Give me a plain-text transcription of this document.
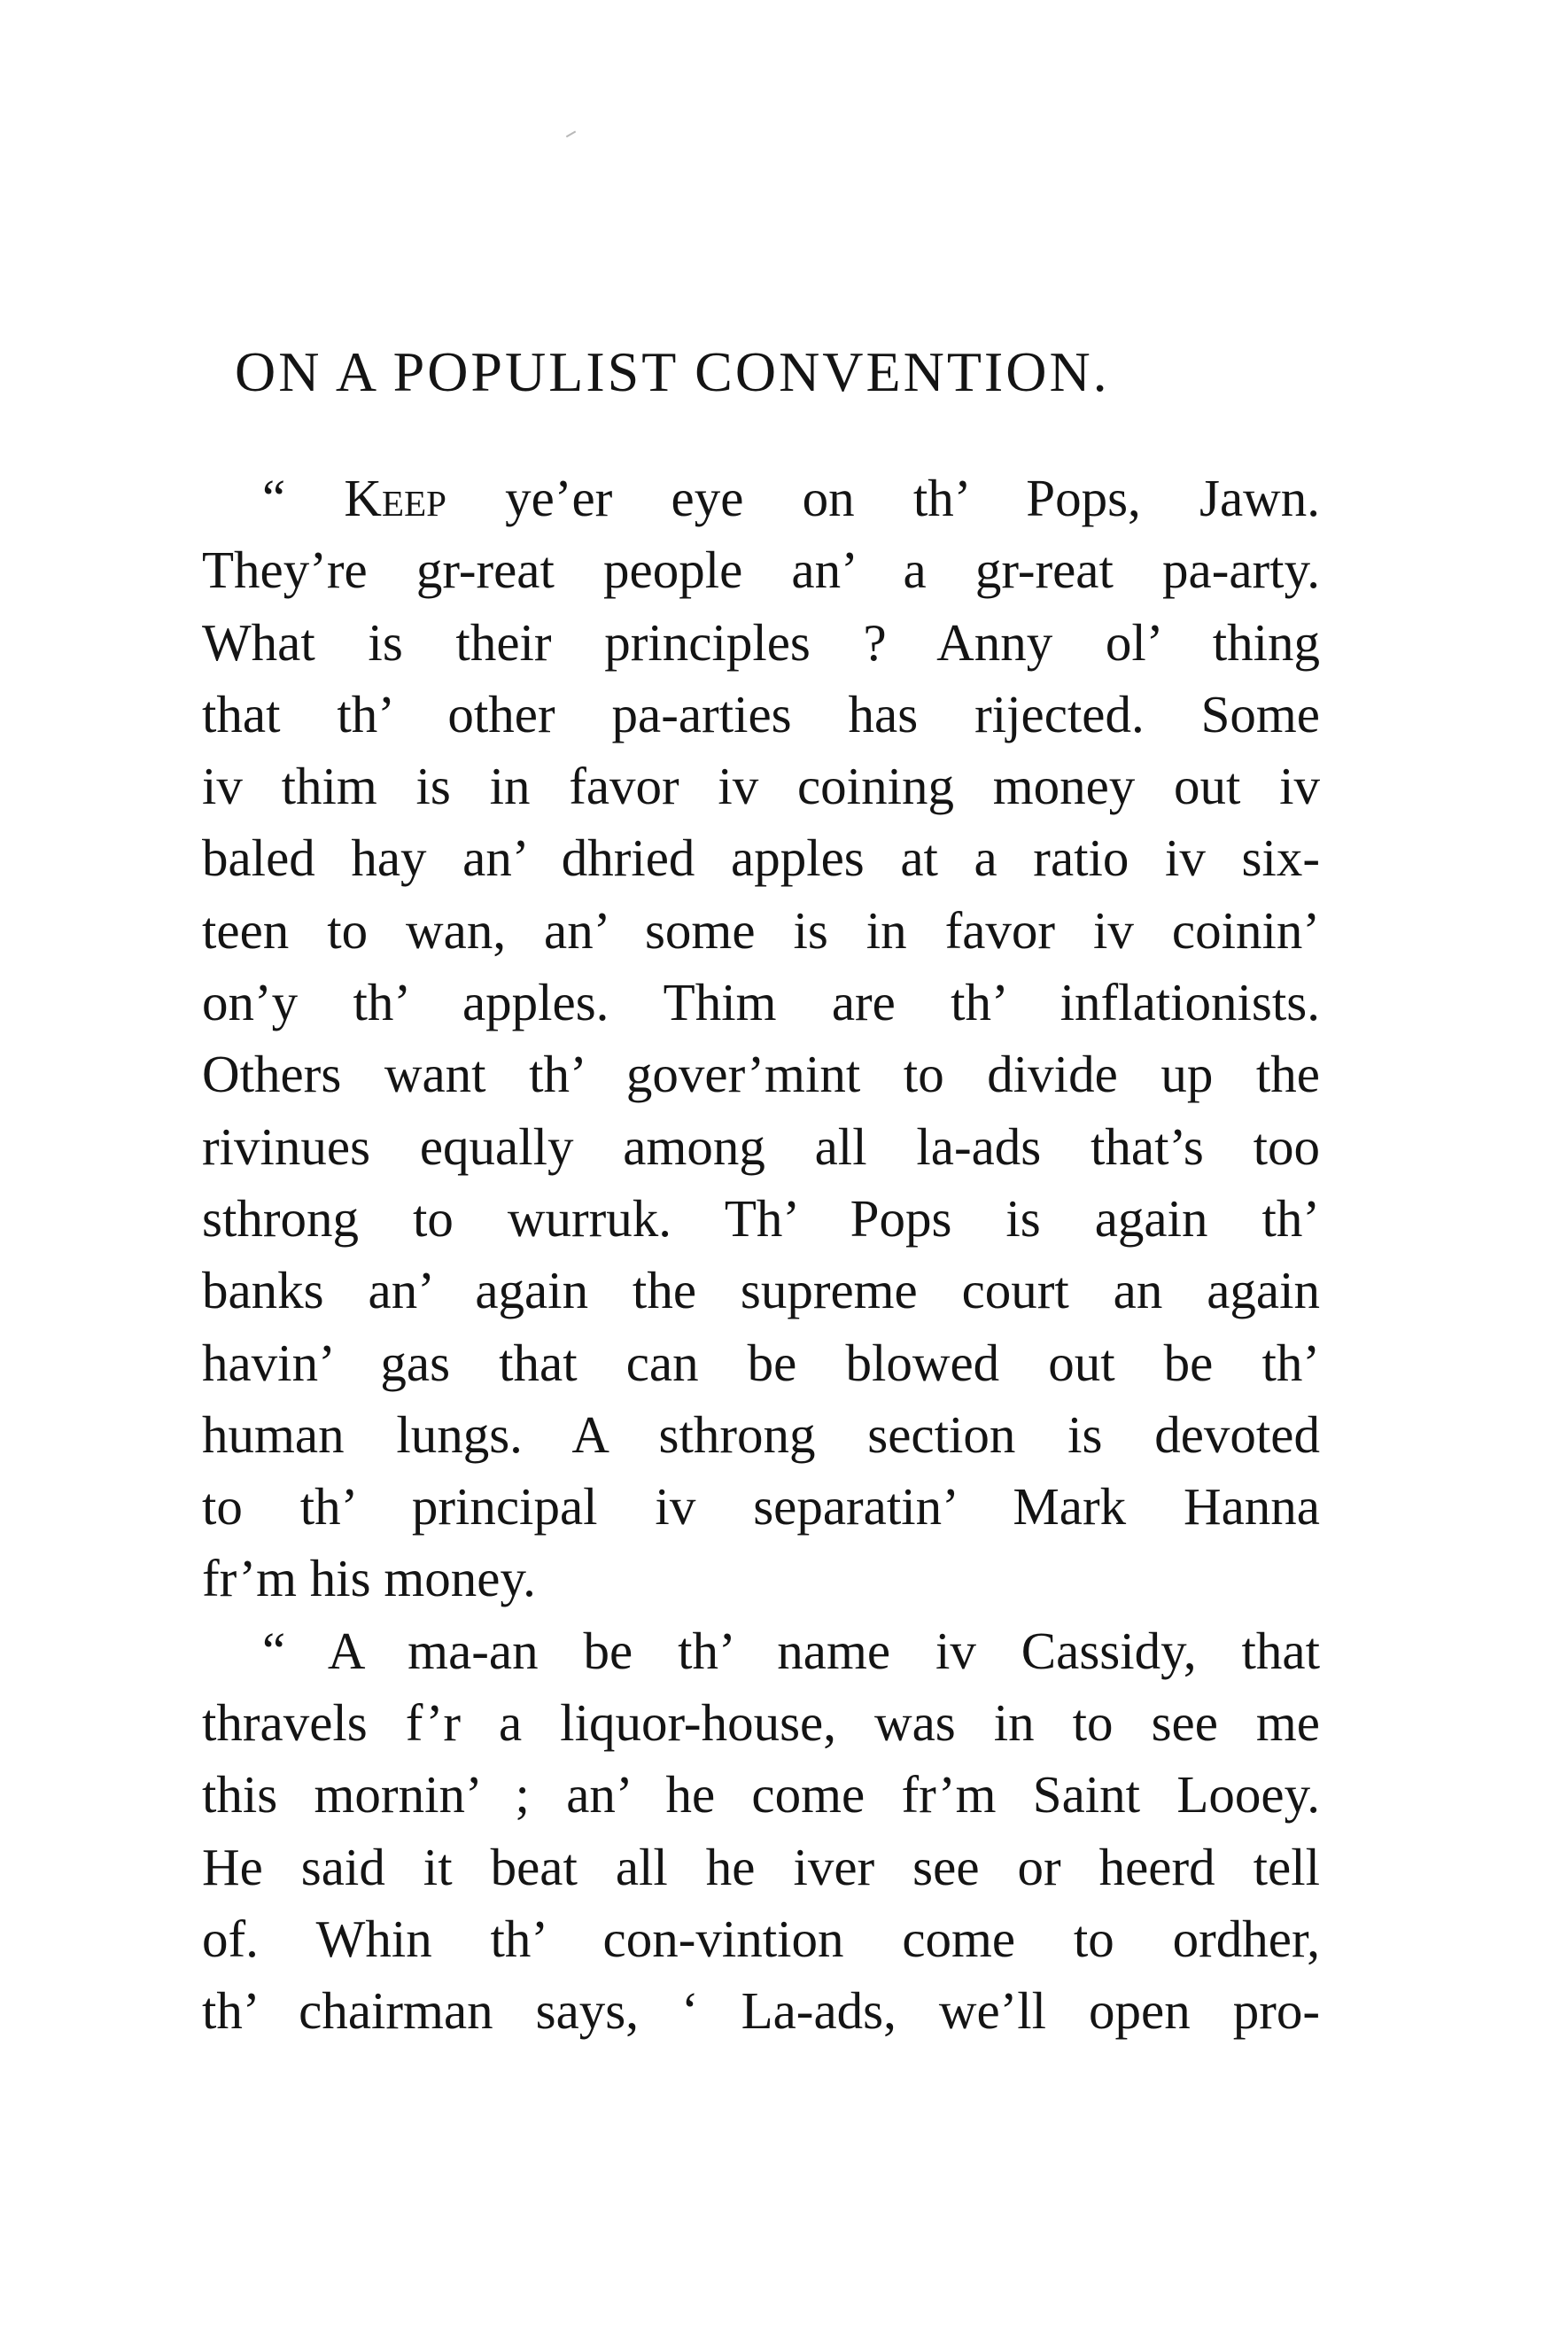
ON A POPULIST CONVENTION.
“ Keep ye’er eye on th’ Pops, Jawn.
They’re gr-reat people an’ a gr-reat pa-arty.
What is their principles ? Anny ol’ thing
that th’ other pa-arties has rijected. Some
iv thim is in favor iv coining money out iv
baled hay an’ dhried apples at a ratio iv six-
teen to wan, an’ some is in favor iv coinin’
on’y th’ apples. Thim are th’ inflationists.
Others want th’ gover’mint to divide up the
rivinues equally among all la-ads that’s too
sthrong to wurruk. Th’ Pops is again th’
banks an’ again the supreme court an again
havin’ gas that can be blowed out be th’
human lungs. A sthrong section is devoted
to th’ principal iv separatin’ Mark Hanna
fr’m his money.
“ A ma-an be th’ name iv Cassidy, that
thravels f’r a liquor-house, was in to see me
this mornin’ ; an’ he come fr’m Saint Looey.
He said it beat all he iver see or heerd tell
of. Whin th’ con-vintion come to ordher,
th’ chairman says, ‘ La-ads, we’ll open pro-
